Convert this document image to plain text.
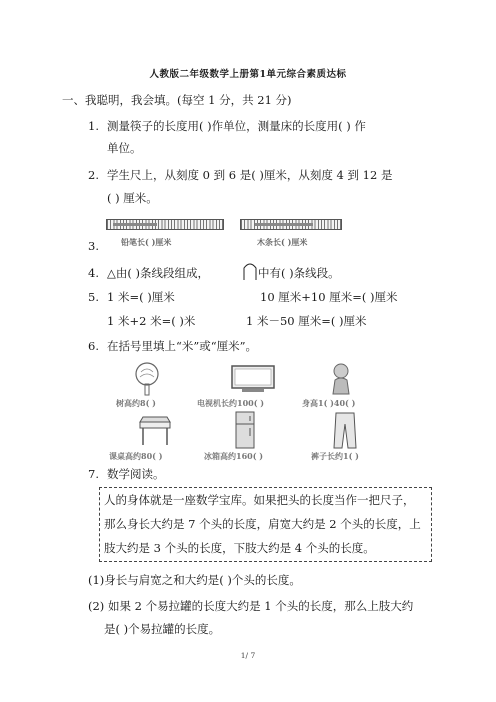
人教版二年级数学上册第1单元综合素质达标
一、我聪明，我会填。(每空 1 分，共 21 分)
1. 测量筷子的长度用( )作单位，测量床的长度用( ) 作
单位。
2. 学生尺上，从刻度 0 到 6 是( )厘米，从刻度 4 到 12 是
( ) 厘米。
3.	铅笔长( )厘米	木条长( )厘米
4. △由( )条线段组成，	中有( )条线段。
5. 1 米=( )厘米	10 厘米+10 厘米=( )厘米
1 米+2 米=( )米	1 米－50 厘米=( )厘米
6. 在括号里填上“米”或“厘米”。
树高约8( )	电视机长约100( )	身高1( )40( )
课桌高约80( )	冰箱高约160( )	裤子长约1( )
7. 数学阅读。
人的身体就是一座数学宝库。如果把头的长度当作一把尺子，
那么身长大约是 7 个头的长度，肩宽大约是 2 个头的长度，上
肢大约是 3 个头的长度，下肢大约是 4 个头的长度。
(1)身长与肩宽之和大约是( )个头的长度。
(2) 如果 2 个易拉罐的长度大约是 1 个头的长度，那么上肢大约
是( )个易拉罐的长度。
1/ 7
